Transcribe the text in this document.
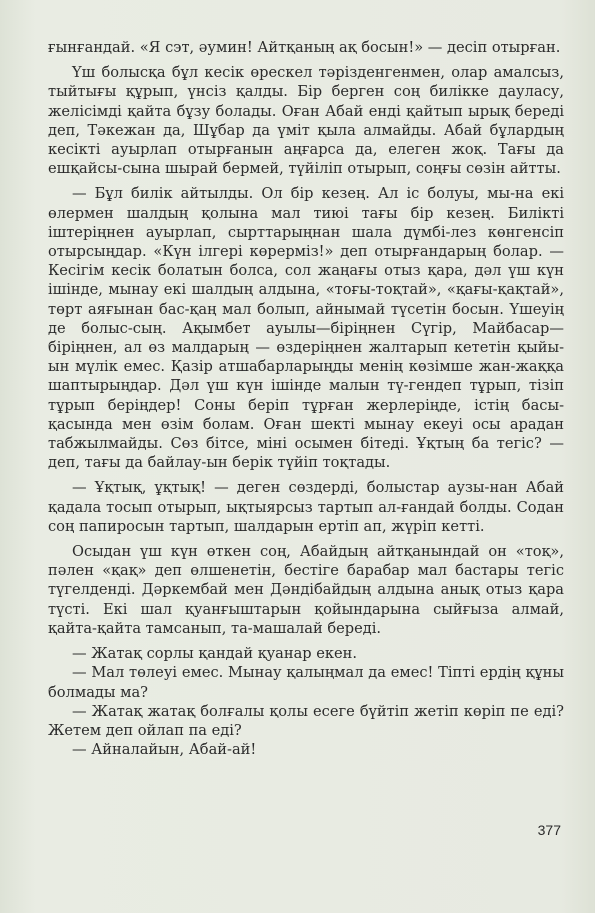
ғынғандай. «Я сэт, әумин! Айтқаның ақ босын!» — десіп отырған.

Үш болысқа бұл кесік өрескел тәрізденгенмен, олар амалсыз, тыйтығы құрып, үнсіз қалды. Бір берген соң биліккe дауласу, желісімді қайта бұзу болады. Оған Абай енді қайтып ырық бередi деп, Тәкежан да, Шұбар да үміт қыла алмайды. Абай бұлардың кесікті ауырлап отырғанын аңғарса да, елеген жоқ. Тағы да ешқайсы-сына шырай бермей, түйіліп отырып, соңғы сөзін айтты.

— Бұл билік айтылды. Ол бір кезең. Ал іс болуы, мы-на екі өлермен шалдың қолына мал тиюі тағы бір кезең. Билікті іштеріңнен ауырлап, сырттарыңнан шала дүмбі-лез көнгенсіп отырсыңдар. «Күн ілгері көрерміз!» деп отырғандарың болар. — Кесігім кесік болатын болса, сол жаңағы отыз қара, дәл үш күн ішінде, мынау екі шалдың алдына, «тоғы-тоқтай», «қағы-қақтай», төрт аяғынан бас-қаң мал болып, айнымай түсетін босын. Үшеуің де болыс-сың. Ақымбет ауылы—біріңнен Сүгір, Майбасар—біріңнен, ал өз малдарың — өздеріңнен жалтарып кететін қыйы-ын мүлік емес. Қазір атшабарларыңды менің көзімше жан-жаққа шаптырыңдар. Дәл үш күн ішінде малын тү-гендеп тұрып, тізіп тұрып беріңдер! Соны беріп тұрған жерлеріңде, істің басы-қасында мен өзім болам. Оған шекті мынау екеуі осы арадан табжылмайды. Сөз бітсе, міні осымен бітеді. Ұқтың ба тегіс? — деп, тағы да байлау-ын берік түйіп тоқтады.

— Ұқтық, ұқтық! — деген сөздерді, болыстар аузы-нан Абай қадала тосып отырып, ықтыярсыз тартып ал-ғандай болды. Содан соң папиросын тартып, шалдарын ертіп ап, жүріп кетті.

Осыдан үш күн өткен соң, Абайдың айтқанындай он «тоқ», пәлен «қақ» деп өлшенетін, бестігe барабар мал бастары тегіс түгелденді. Дәркембай мен Дәндібайдың алдына анық отыз қара түсті. Екі шал қуанғыштарын қойындарына сыйғыза алмай, қайта-қайта тамсанып, та-машалай береді.

— Жатақ сорлы қандай қуанар екен.

— Мал төлеуі емес. Мынау қалыңмал да емес! Тіпті ердің құны болмады ма?

— Жатақ жатақ болғалы қолы есеге бүйтіп жетіп көріп пе еді? Жетем деп ойлап па еді?

— Айналайын, Абай-ай!

377
